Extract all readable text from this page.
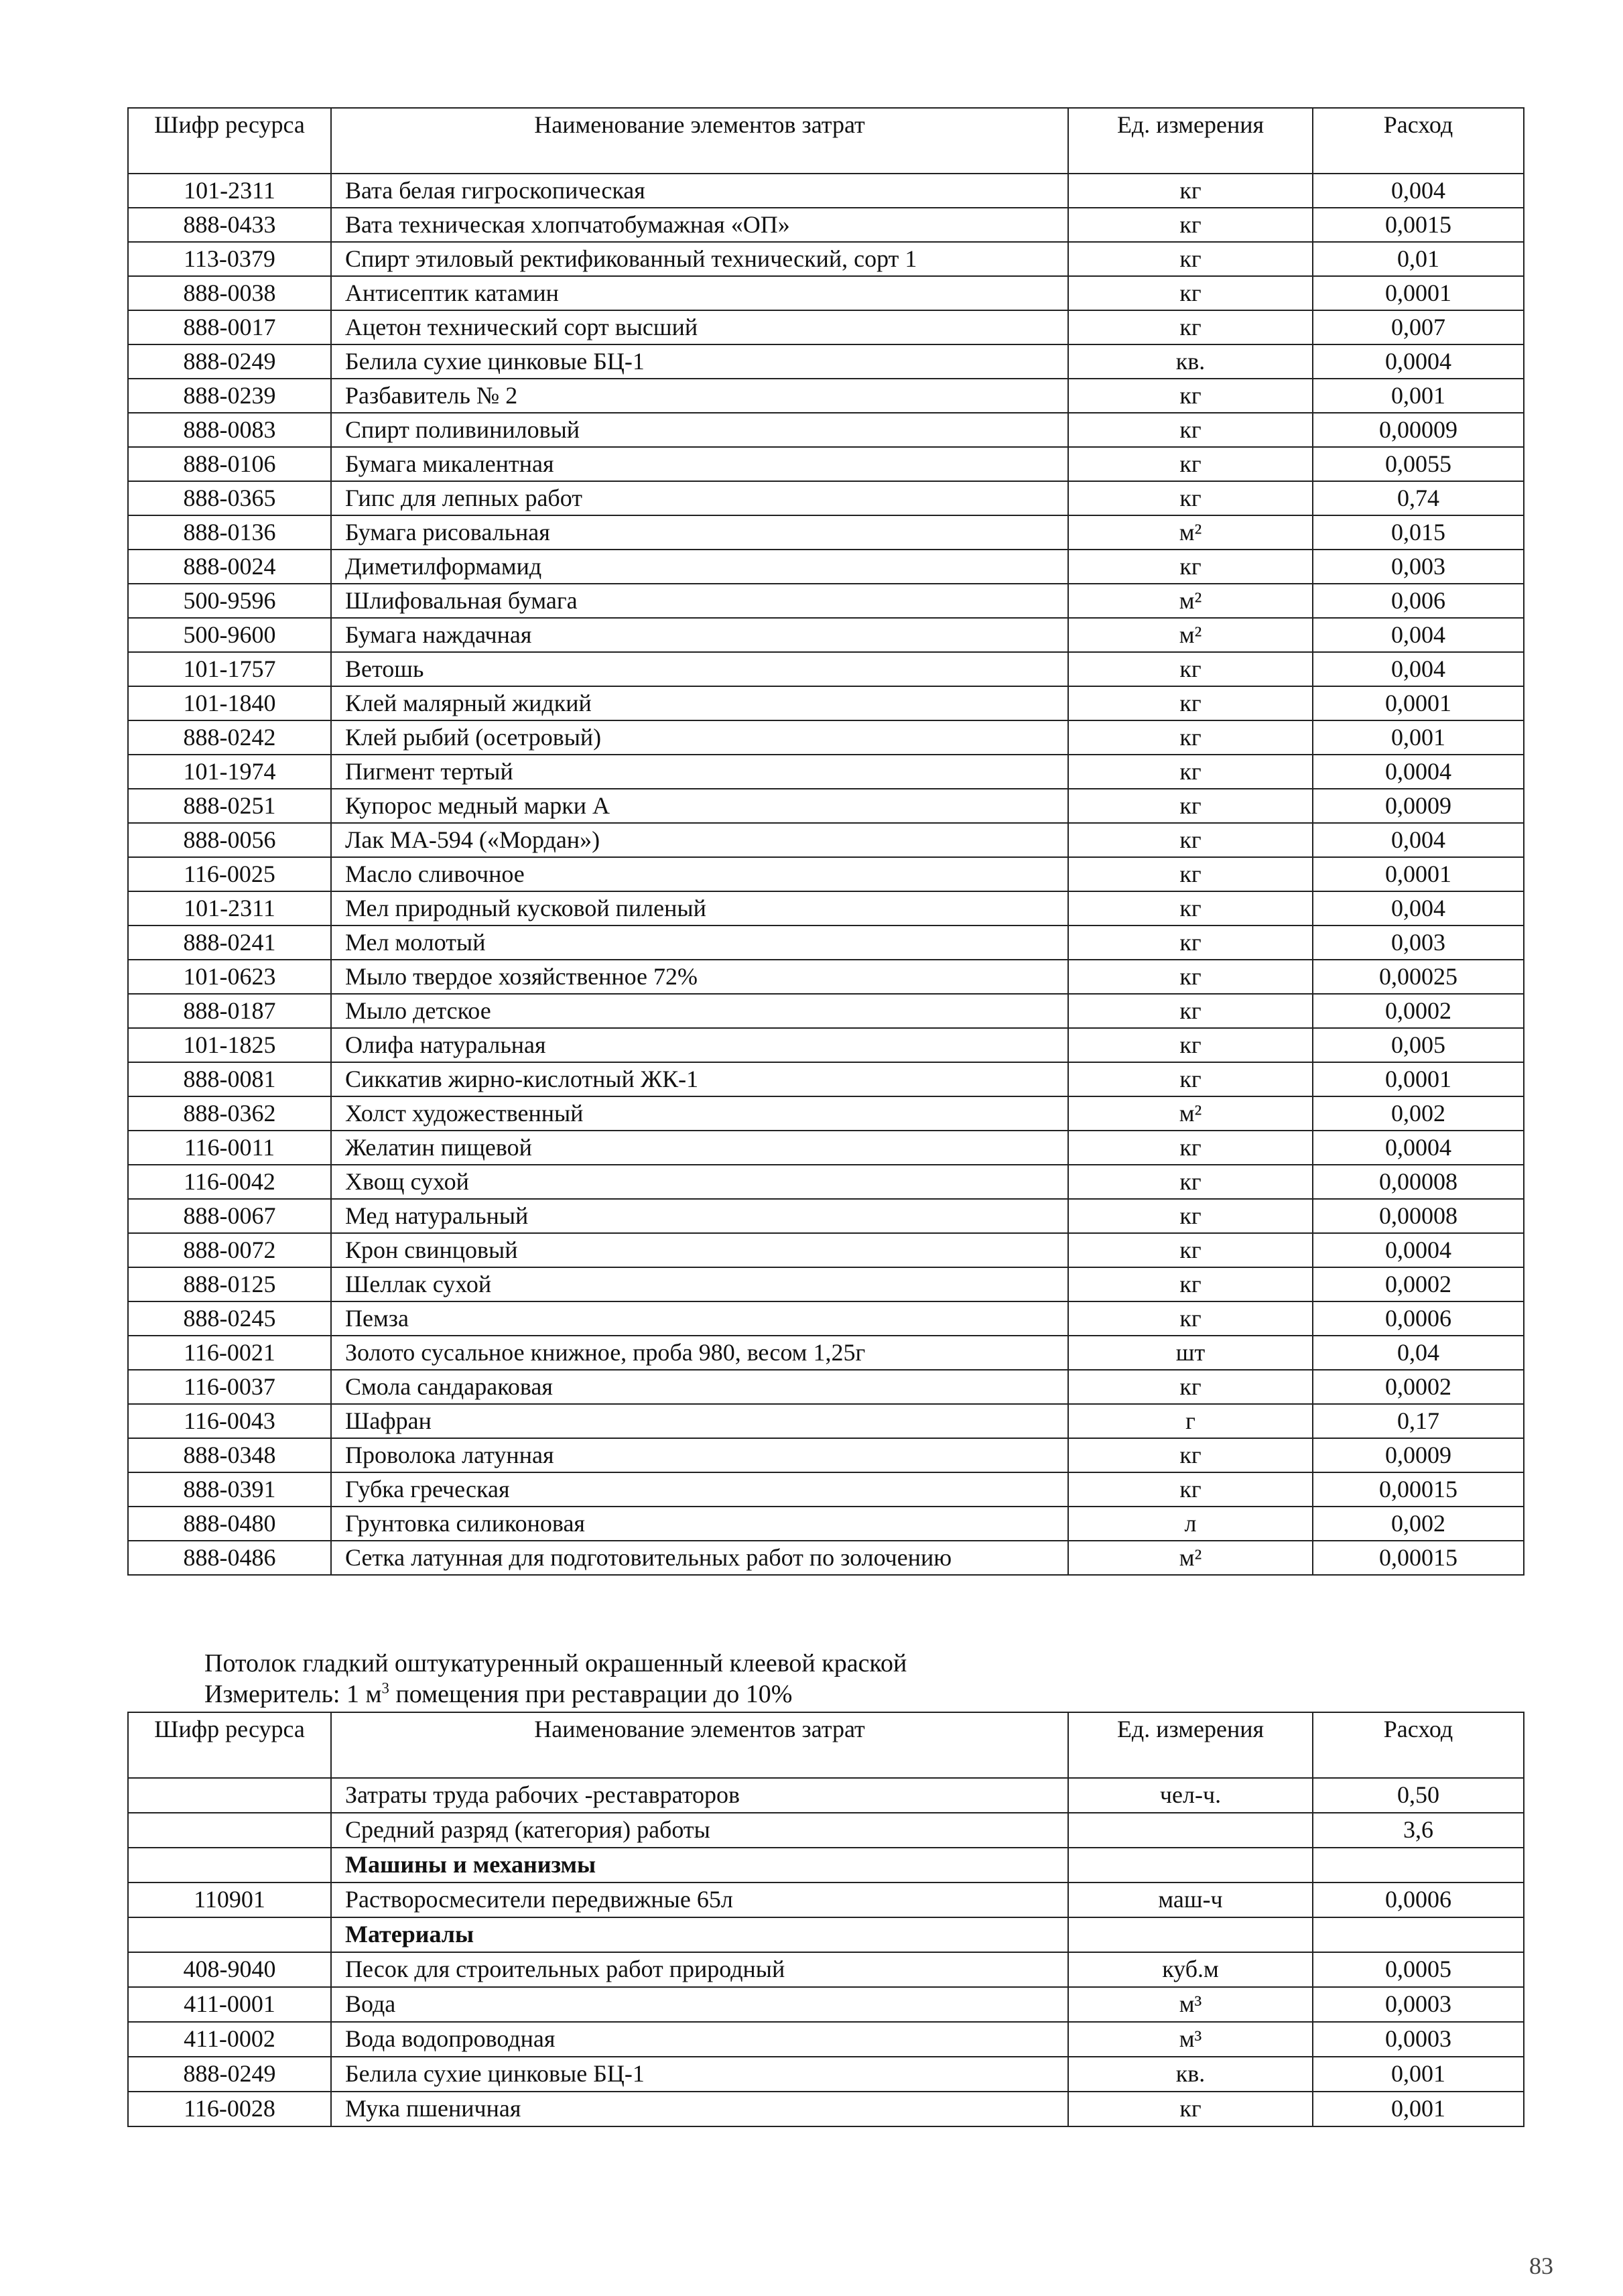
Шифр ресурса	Наименование элементов затрат	Ед. измерения	Расход
101-2311	Вата белая гигроскопическая	кг	0,004
888-0433	Вата техническая хлопчатобумажная «ОП»	кг	0,0015
113-0379	Спирт этиловый ректификованный технический, сорт 1	кг	0,01
888-0038	Антисептик катамин	кг	0,0001
888-0017	Ацетон технический сорт высший	кг	0,007
888-0249	Белила сухие цинковые БЦ-1	кв.	0,0004
888-0239	Разбавитель № 2	кг	0,001
888-0083	Спирт поливиниловый	кг	0,00009
888-0106	Бумага микалентная	кг	0,0055
888-0365	Гипс для лепных работ	кг	0,74
888-0136	Бумага рисовальная	м²	0,015
888-0024	Диметилформамид	кг	0,003
500-9596	Шлифовальная бумага	м²	0,006
500-9600	Бумага наждачная	м²	0,004
101-1757	Ветошь	кг	0,004
101-1840	Клей малярный жидкий	кг	0,0001
888-0242	Клей рыбий (осетровый)	кг	0,001
101-1974	Пигмент тертый	кг	0,0004
888-0251	Купорос медный марки А	кг	0,0009
888-0056	Лак МА-594 («Мордан»)	кг	0,004
116-0025	Масло сливочное	кг	0,0001
101-2311	Мел природный кусковой пиленый	кг	0,004
888-0241	Мел молотый	кг	0,003
101-0623	Мыло твердое хозяйственное 72%	кг	0,00025
888-0187	Мыло детское	кг	0,0002
101-1825	Олифа натуральная	кг	0,005
888-0081	Сиккатив жирно-кислотный ЖК-1	кг	0,0001
888-0362	Холст художественный	м²	0,002
116-0011	Желатин пищевой	кг	0,0004
116-0042	Хвощ сухой	кг	0,00008
888-0067	Мед натуральный	кг	0,00008
888-0072	Крон свинцовый	кг	0,0004
888-0125	Шеллак сухой	кг	0,0002
888-0245	Пемза	кг	0,0006
116-0021	Золото сусальное книжное, проба 980, весом 1,25г	шт	0,04
116-0037	Смола сандараковая	кг	0,0002
116-0043	Шафран	г	0,17
888-0348	Проволока латунная	кг	0,0009
888-0391	Губка греческая	кг	0,00015
888-0480	Грунтовка силиконовая	л	0,002
888-0486	Сетка латунная для подготовительных работ по золочению	м²	0,00015
Потолок гладкий оштукатуренный окрашенный клеевой краской
Измеритель: 1 $м^3$ помещения при реставрации до 10%
Шифр ресурса	Наименование элементов затрат	Ед. измерения	Расход
	Затраты труда рабочих -реставраторов	чел-ч.	0,50
	Средний разряд (категория) работы		3,6
	Машины и механизмы		
110901	Растворосмесители передвижные 65л	маш-ч	0,0006
	Материалы		
408-9040	Песок для строительных работ природный	куб.м	0,0005
411-0001	Вода	м³	0,0003
411-0002	Вода водопроводная	м³	0,0003
888-0249	Белила сухие цинковые БЦ-1	кв.	0,001
116-0028	Мука пшеничная	кг	0,001
83
